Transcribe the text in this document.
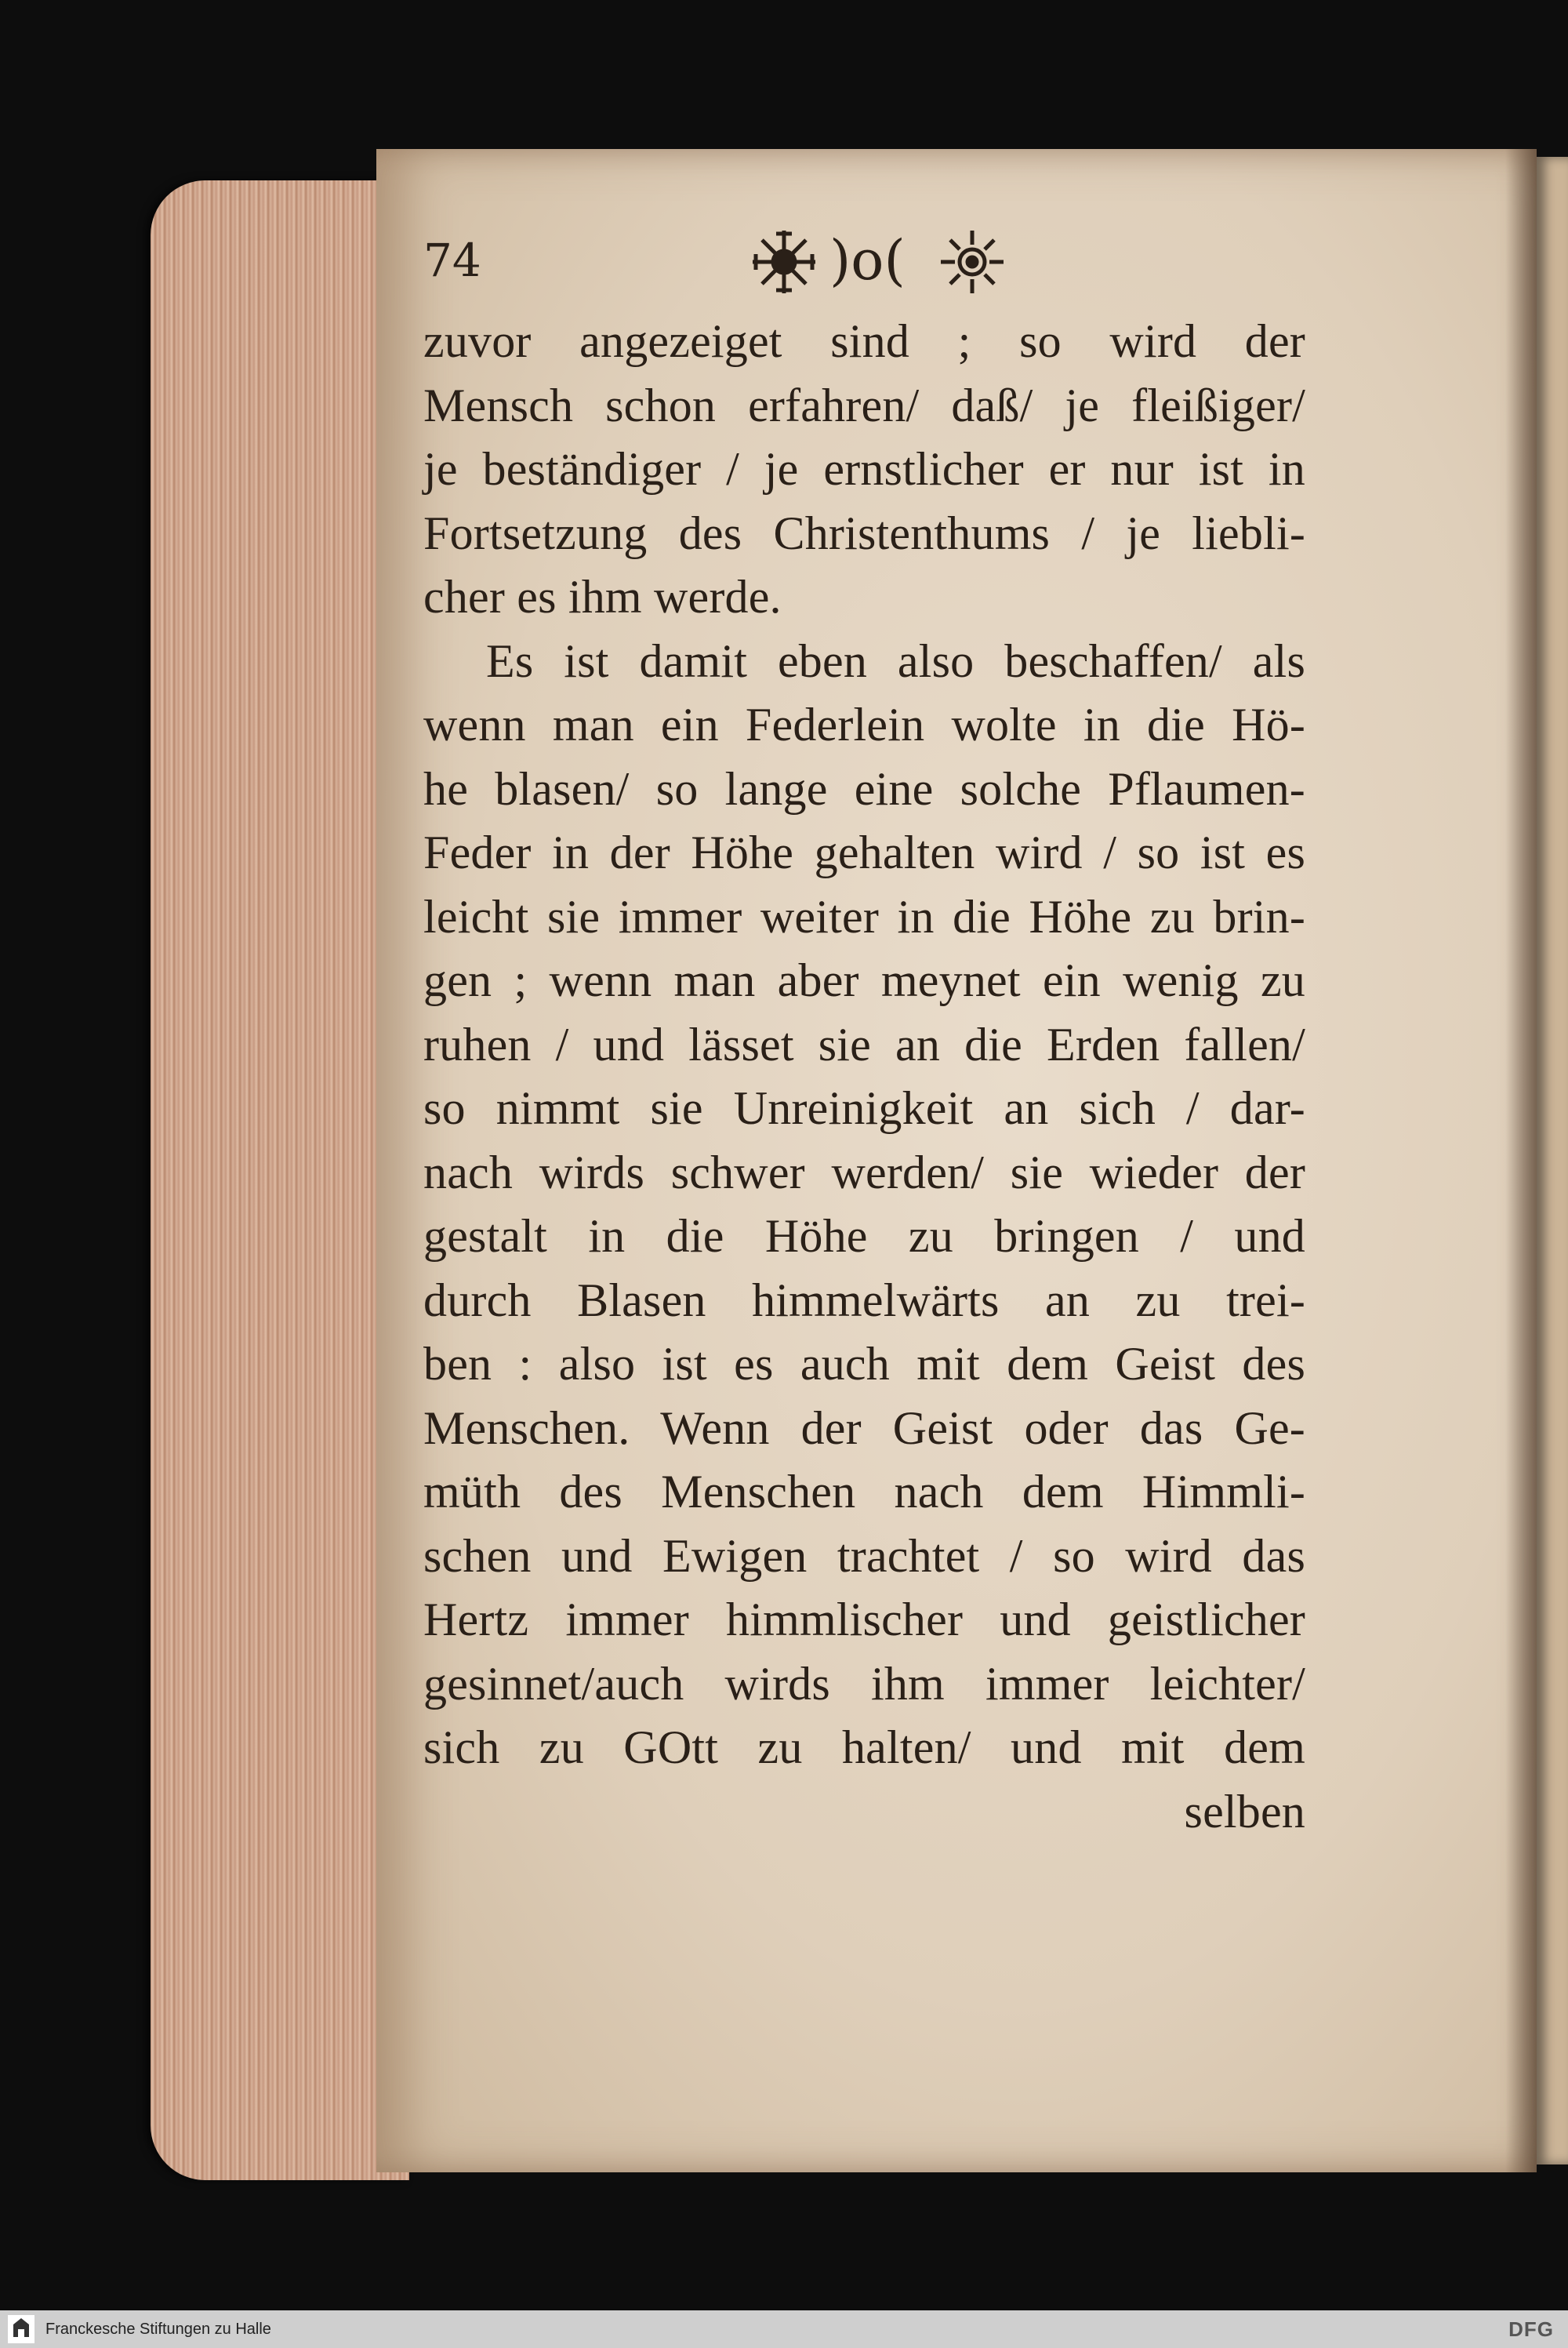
74	)o(
zuvor angezeiget sind ; so wird der
Mensch schon erfahren/ daß/ je fleißiger/
je beständiger / je ernstlicher er nur ist in
Fortsetzung des Christenthums / je liebli-
cher es ihm werde.
Es ist damit eben also beschaffen/ als
wenn man ein Federlein wolte in die Hö-
he blasen/ so lange eine solche Pflaumen-
Feder in der Höhe gehalten wird / so ist es
leicht sie immer weiter in die Höhe zu brin-
gen ; wenn man aber meynet ein wenig zu
ruhen / und lässet sie an die Erden fallen/
so nimmt sie Unreinigkeit an sich / dar-
nach wirds schwer werden/ sie wieder der
gestalt in die Höhe zu bringen / und
durch Blasen himmelwärts an zu trei-
ben : also ist es auch mit dem Geist des
Menschen. Wenn der Geist oder das Ge-
müth des Menschen nach dem Himmli-
schen und Ewigen trachtet / so wird das
Hertz immer himmlischer und geistlicher
gesinnet/auch wirds ihm immer leichter/
sich zu GOtt zu halten/ und mit dem
selben
Franckesche Stiftungen zu Halle	DFG
